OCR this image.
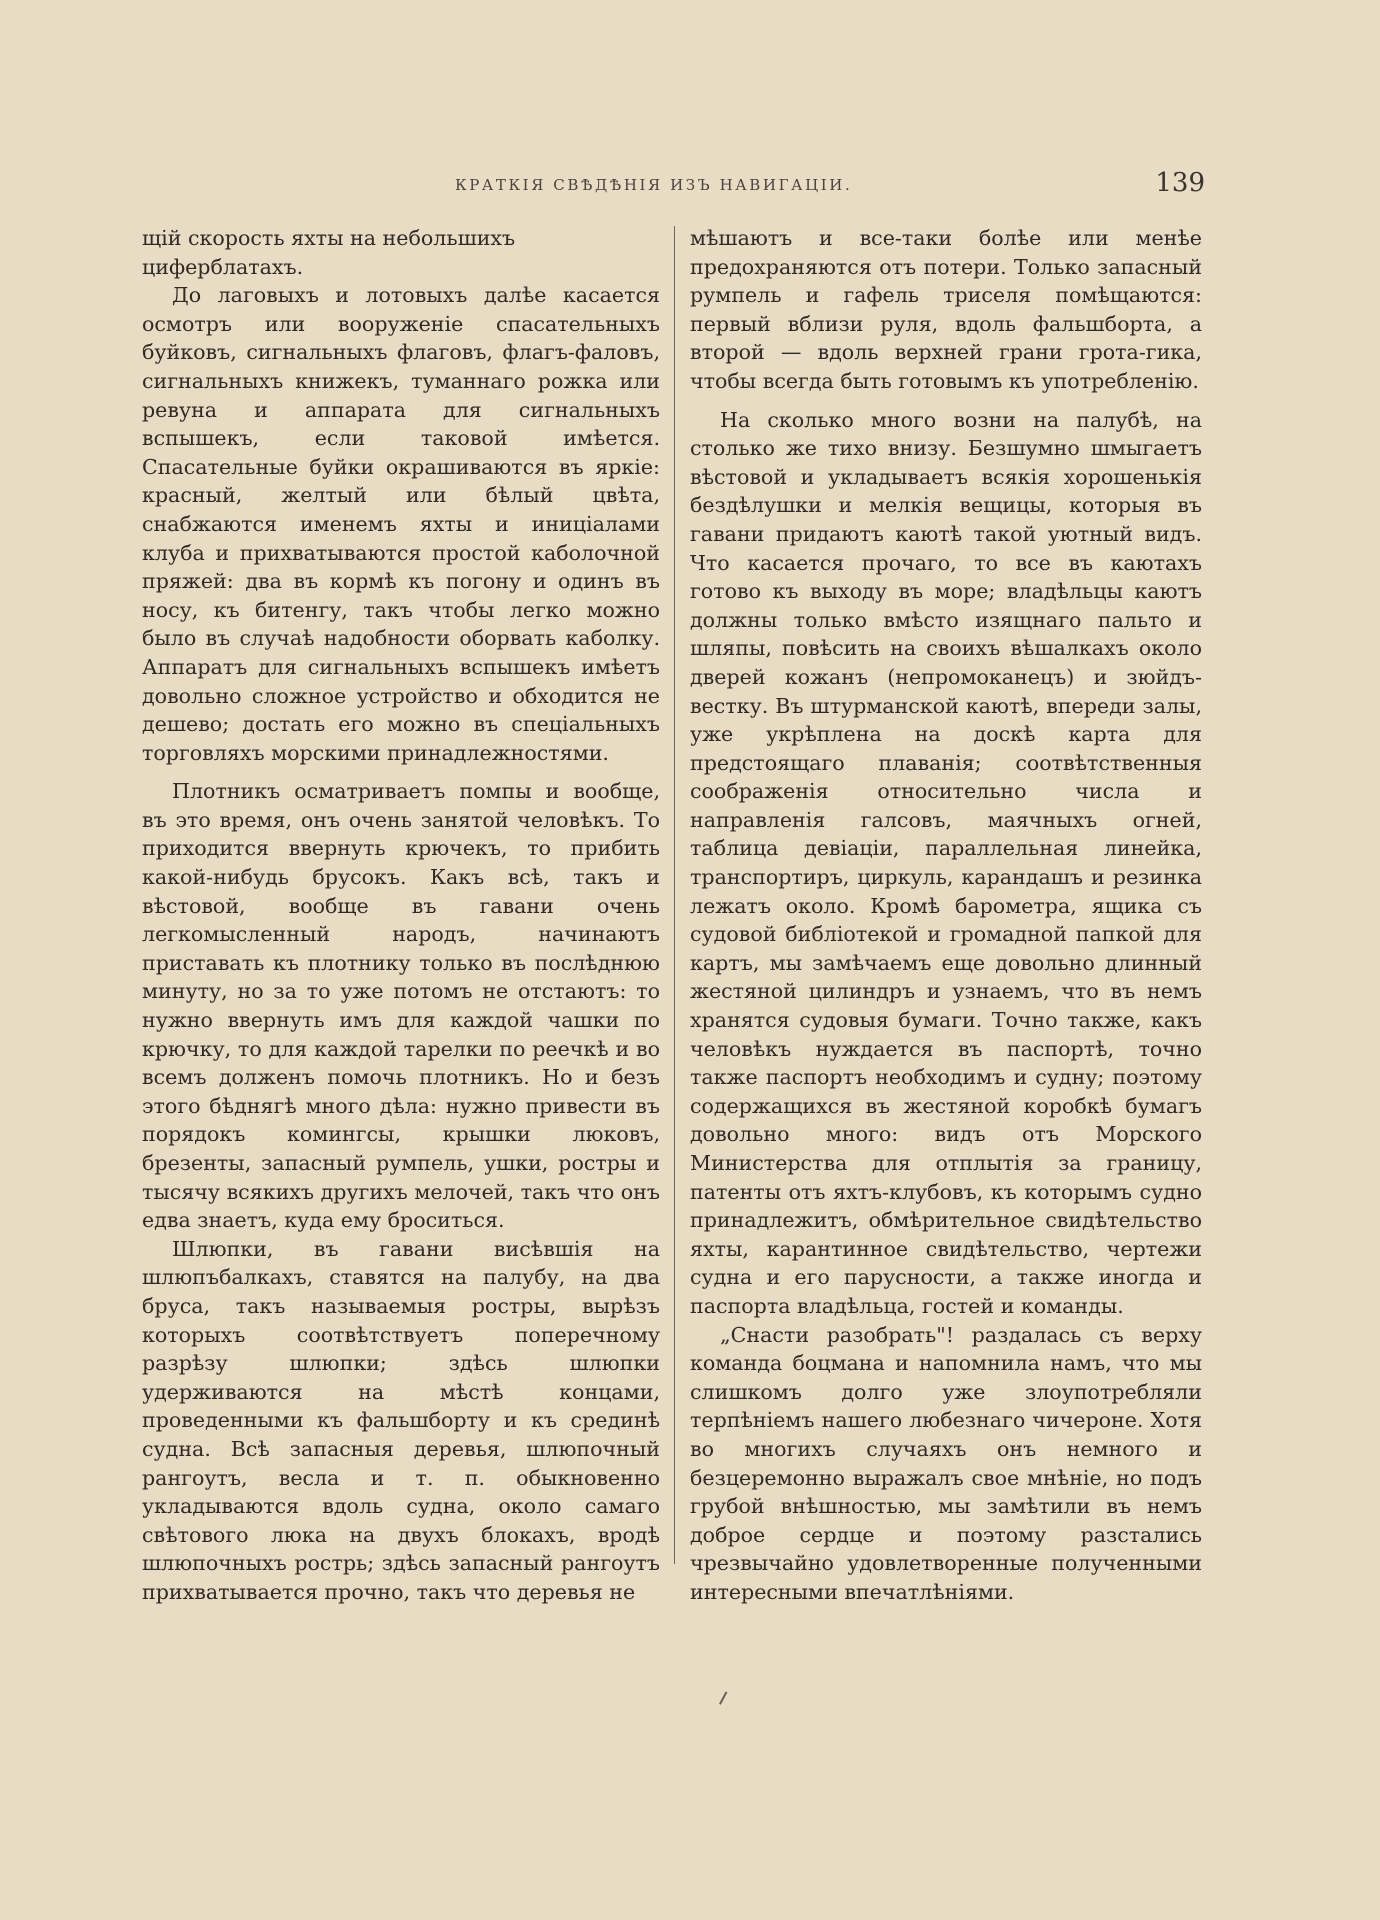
КРАТКІЯ СВѢДѢНІЯ ИЗЪ НАВИГАЦІИ.	139

щій скорость яхты на небольшихъ циферблатахъ.

До лаговыхъ и лотовыхъ далѣе касается осмотръ или вооруженіе спасательныхъ буйковъ, сигнальныхъ флаговъ, флагъ-фаловъ, сигнальныхъ книжекъ, туманнаго рожка или ревуна и аппарата для сигнальныхъ вспышекъ, если таковой имѣется. Спасательные буйки окрашиваются въ яркіе: красный, желтый или бѣлый цвѣта, снабжаются именемъ яхты и иниціалами клуба и прихватываются простой каболочной пряжей: два въ кормѣ къ погону и одинъ въ носу, къ битенгу, такъ чтобы легко можно было въ случаѣ надобности оборвать каболку. Аппаратъ для сигнальныхъ вспышекъ имѣетъ довольно сложное устройство и обходится не дешево; достать его можно въ спеціальныхъ торговляхъ морскими принадлежностями.

Плотникъ осматриваетъ помпы и вообще, въ это время, онъ очень занятой человѣкъ. То приходится ввернуть крючекъ, то прибить какой-нибудь брусокъ. Какъ всѣ, такъ и вѣстовой, вообще въ гавани очень легкомысленный народъ, начинаютъ приставать къ плотнику только въ послѣднюю минуту, но за то уже потомъ не отстаютъ: то нужно ввернуть имъ для каждой чашки по крючку, то для каждой тарелки по реечкѣ и во всемъ долженъ помочь плотникъ. Но и безъ этого бѣднягѣ много дѣла: нужно привести въ порядокъ комингсы, крышки люковъ, брезенты, запасный румпель, ушки, ростры и тысячу всякихъ другихъ мелочей, такъ что онъ едва знаетъ, куда ему броситься.

Шлюпки, въ гавани висѣвшія на шлюпъбалкахъ, ставятся на палубу, на два бруса, такъ называемыя ростры, вырѣзъ которыхъ соотвѣтствуетъ поперечному разрѣзу шлюпки; здѣсь шлюпки удерживаются на мѣстѣ концами, проведенными къ фальшборту и къ срединѣ судна. Всѣ запасныя деревья, шлюпочный рангоутъ, весла и т. п. обыкновенно укладываются вдоль судна, около самаго свѣтового люка на двухъ блокахъ, вродѣ шлюпочныхъ рострь; здѣсь запасный рангоутъ прихватывается прочно, такъ что деревья не

мѣшаютъ и все-таки болѣе или менѣе предохраняются отъ потери. Только запасный румпель и гафель триселя помѣщаются: первый вблизи руля, вдоль фальшборта, а второй — вдоль верхней грани грота-гика, чтобы всегда быть готовымъ къ употребленію.

На сколько много возни на палубѣ, на столько же тихо внизу. Безшумно шмыгаетъ вѣстовой и укладываетъ всякія хорошенькія бездѣлушки и мелкія вещицы, которыя въ гавани придаютъ каютѣ такой уютный видъ. Что касается прочаго, то все въ каютахъ готово къ выходу въ море; владѣльцы каютъ должны только вмѣсто изящнаго пальто и шляпы, повѣсить на своихъ вѣшалкахъ около дверей кожанъ (непромоканецъ) и зюйдъ-вестку. Въ штурманской каютѣ, впереди залы, уже укрѣплена на доскѣ карта для предстоящаго плаванія; соотвѣтственныя соображенія относительно числа и направленія галсовъ, маячныхъ огней, таблица девіаціи, параллельная линейка, транспортиръ, циркуль, карандашъ и резинка лежатъ около. Кромѣ барометра, ящика съ судовой библіотекой и громадной папкой для картъ, мы замѣчаемъ еще довольно длинный жестяной цилиндръ и узнаемъ, что въ немъ хранятся судовыя бумаги. Точно также, какъ человѣкъ нуждается въ паспортѣ, точно также паспортъ необходимъ и судну; поэтому содержащихся въ жестяной коробкѣ бумагъ довольно много: видъ отъ Морского Министерства для отплытія за границу, патенты отъ яхтъ-клубовъ, къ которымъ судно принадлежитъ, обмѣрительное свидѣтельство яхты, карантинное свидѣтельство, чертежи судна и его парусности, а также иногда и паспорта владѣльца, гостей и команды.

„Снасти разобрать"! раздалась съ верху команда боцмана и напомнила намъ, что мы слишкомъ долго уже злоупотребляли терпѣніемъ нашего любезнаго чичероне. Хотя во многихъ случаяхъ онъ немного и безцеремонно выражалъ свое мнѣніе, но подъ грубой внѣшностью, мы замѣтили въ немъ доброе сердце и поэтому разстались чрезвычайно удовлетворенные полученными интересными впечатлѣніями.
